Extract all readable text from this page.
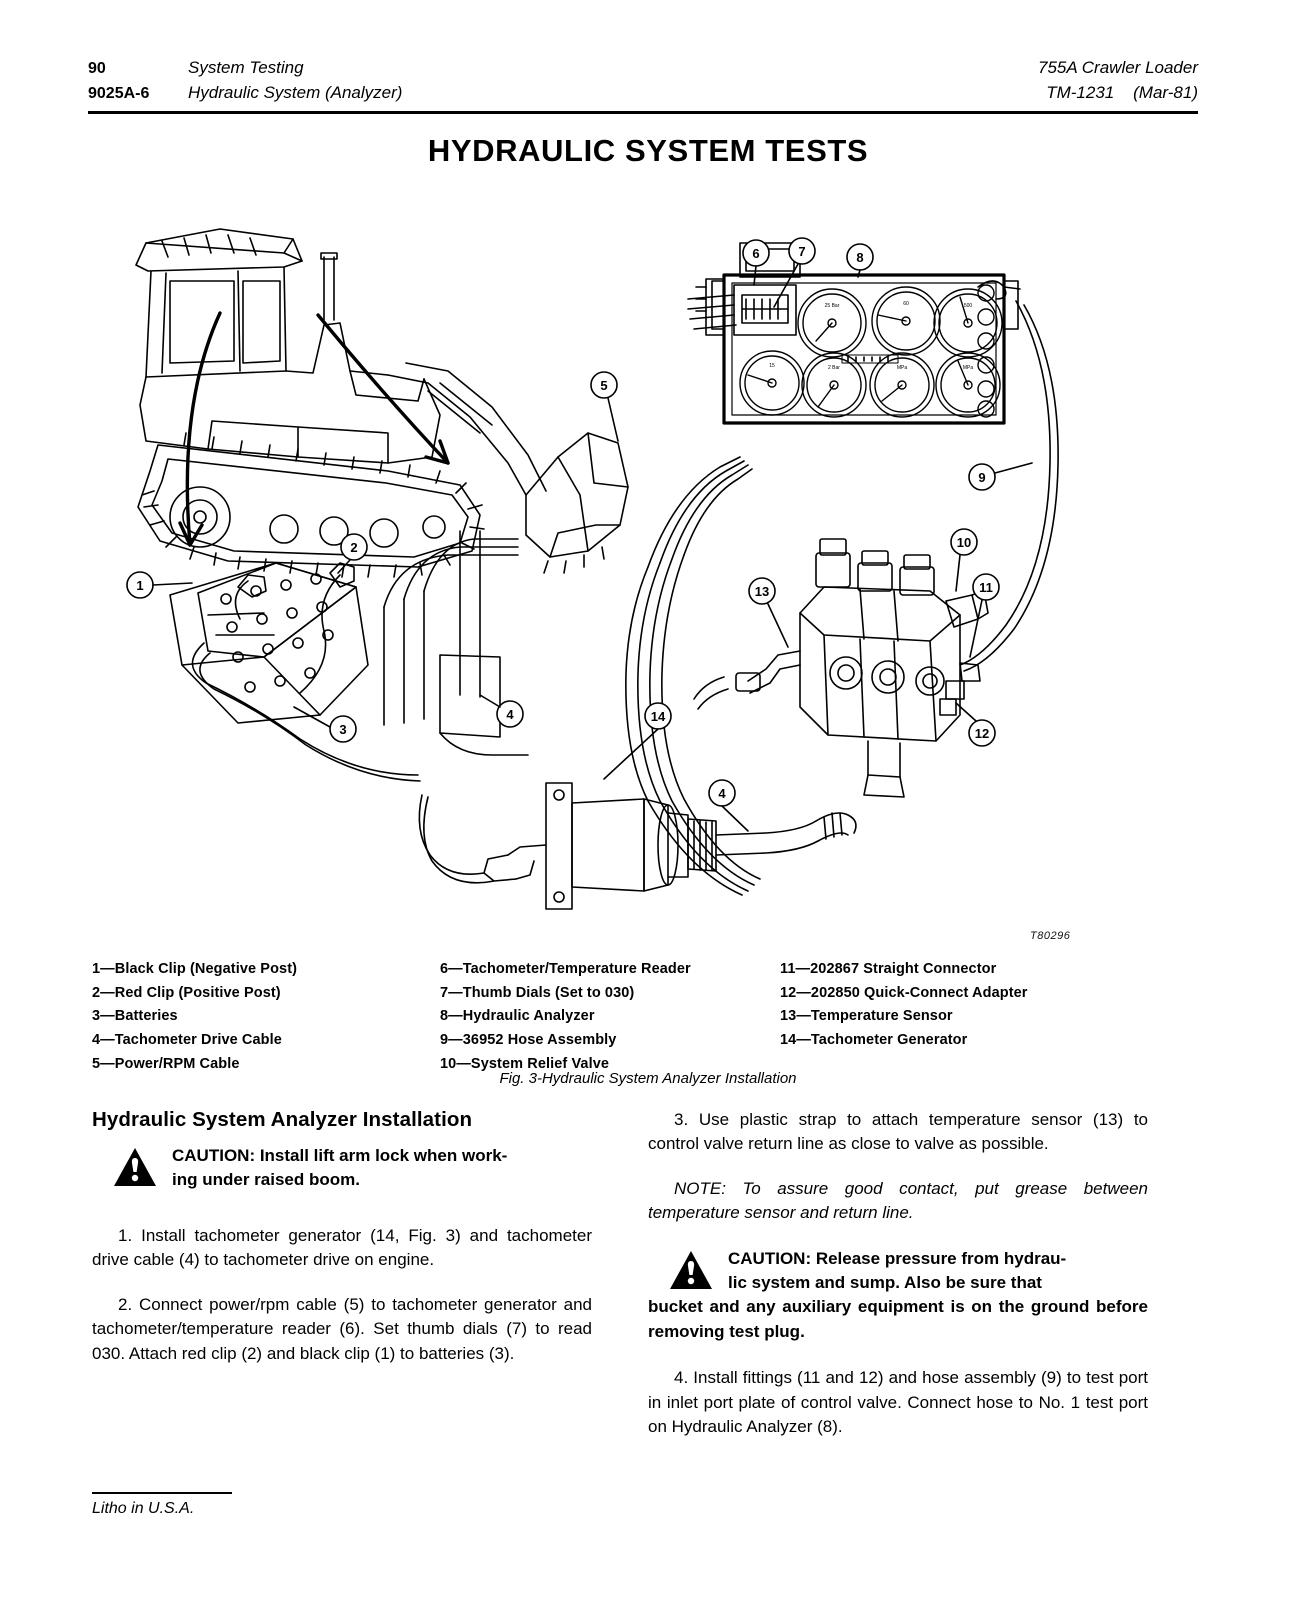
90	System Testing	755A Crawler Loader
9025A-6	Hydraulic System (Analyzer)	TM-1231    (Mar-81)
HYDRAULIC SYSTEM TESTS
25 Bar	60	500
15	2 Bar	MPa	MPa
1
2
3
4
5
6	7	8
9
10
11
12
13
14
4
T80296
1—Black Clip (Negative Post)
2—Red Clip (Positive Post)
3—Batteries
4—Tachometer Drive Cable
5—Power/RPM Cable
6—Tachometer/Temperature Reader
7—Thumb Dials (Set to 030)
8—Hydraulic Analyzer
9—36952 Hose Assembly
10—System Relief Valve
11—202867 Straight Connector
12—202850 Quick-Connect Adapter
13—Temperature Sensor
14—Tachometer Generator
Fig. 3-Hydraulic System Analyzer Installation
Hydraulic System Analyzer Installation
CAUTION: Install lift arm lock when work-
ing under raised boom.

1. Install tachometer generator (14, Fig. 3) and tachometer drive cable (4) to tachometer drive on engine.

2. Connect power/rpm cable (5) to tachometer generator and tachometer/temperature reader (6). Set thumb dials (7) to read 030. Attach red clip (2) and black clip (1) to batteries (3).

3. Use plastic strap to attach temperature sensor (13) to control valve return line as close to valve as possible.

NOTE: To assure good contact, put grease between temperature sensor and return line.

CAUTION: Release pressure from hydrau-
lic system and sump. Also be sure that
bucket and any auxiliary equipment is on the ground before removing test plug.

4. Install fittings (11 and 12) and hose assembly (9) to test port in inlet port plate of control valve. Connect hose to No. 1 test port on Hydraulic Analyzer (8).

Litho in U.S.A.
